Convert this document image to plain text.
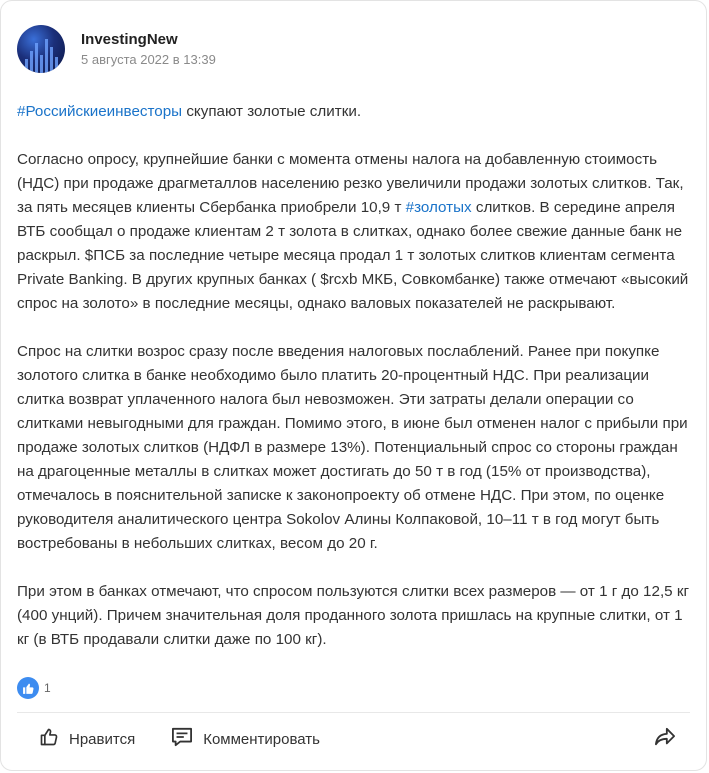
InvestingNew
5 августа 2022 в 13:39

#Российскиеинвесторы скупают золотые слитки.

Согласно опросу, крупнейшие банки с момента отмены налога на добавленную стоимость (НДС) при продаже драгметаллов населению резко увеличили продажи золотых слитков. Так, за пять месяцев клиенты Сбербанка приобрели 10,9 т #золотых слитков. В середине апреля ВТБ сообщал о продаже клиентам 2 т золота в слитках, однако более свежие данные банк не раскрыл. $ПСБ за последние четыре месяца продал 1 т золотых слитков клиентам сегмента Private Banking. В других крупных банках ( $rcxb МКБ, Совкомбанке) также отмечают «высокий спрос на золото» в последние месяцы, однако валовых показателей не раскрывают.

Спрос на слитки возрос сразу после введения налоговых послаблений. Ранее при покупке золотого слитка в банке необходимо было платить 20-процентный НДС. При реализации слитка возврат уплаченного налога был невозможен. Эти затраты делали операции со слитками невыгодными для граждан. Помимо этого, в июне был отменен налог с прибыли при продаже золотых слитков (НДФЛ в размере 13%). Потенциальный спрос со стороны граждан на драгоценные металлы в слитках может достигать до 50 т в год (15% от производства), отмечалось в пояснительной записке к законопроекту об отмене НДС. При этом, по оценке руководителя аналитического центра Sokolov Алины Колпаковой, 10–11 т в год могут быть востребованы в небольших слитках, весом до 20 г.

При этом в банках отмечают, что спросом пользуются слитки всех размеров — от 1 г до 12,5 кг (400 унций). Причем значительная доля проданного золота пришлась на крупные слитки, от 1 кг (в ВТБ продавали слитки даже по 100 кг).

1
Нравится	Комментировать
